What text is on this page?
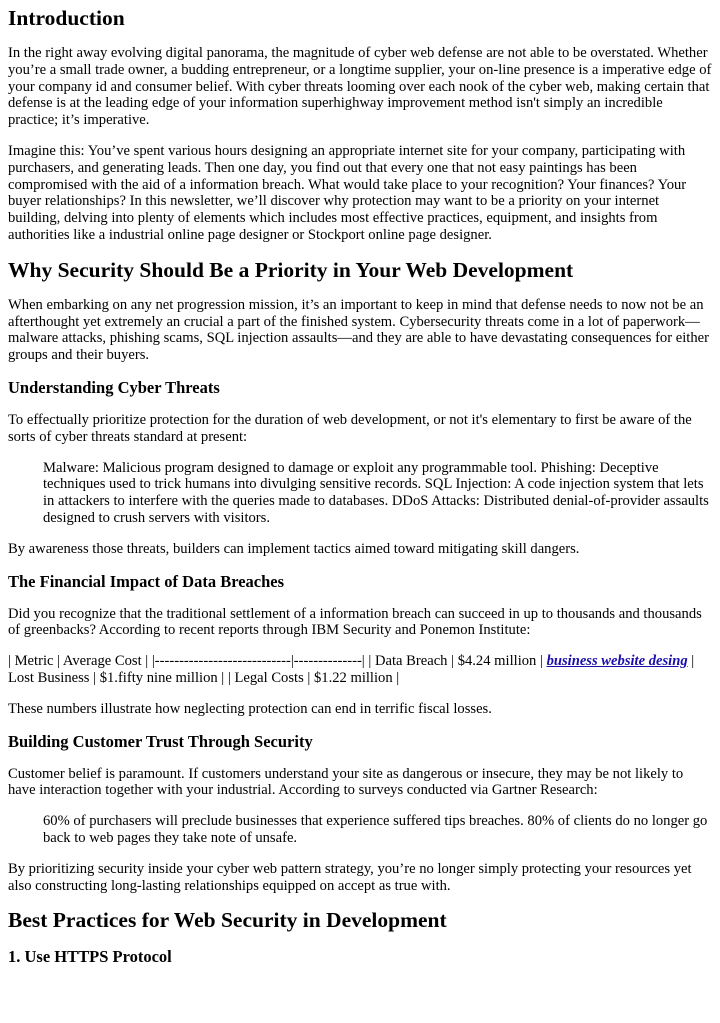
Introduction

In the right away evolving digital panorama, the magnitude of cyber web defense are not able to be overstated. Whether you’re a small trade owner, a budding entrepreneur, or a longtime supplier, your on-line presence is a imperative edge of your company id and consumer belief. With cyber threats looming over each nook of the cyber web, making certain that defense is at the leading edge of your information superhighway improvement method isn't simply an incredible practice; it’s imperative.

Imagine this: You’ve spent various hours designing an appropriate internet site for your company, participating with purchasers, and generating leads. Then one day, you find out that every one that not easy paintings has been compromised with the aid of a information breach. What would take place to your recognition? Your finances? Your buyer relationships? In this newsletter, we’ll discover why protection may want to be a priority on your internet building, delving into plenty of elements which includes most effective practices, equipment, and insights from authorities like a industrial online page designer or Stockport online page designer.

Why Security Should Be a Priority in Your Web Development

When embarking on any net progression mission, it’s an important to keep in mind that defense needs to now not be an afterthought yet extremely an crucial a part of the finished system. Cybersecurity threats come in a lot of paperwork—malware attacks, phishing scams, SQL injection assaults—and they are able to have devastating consequences for either groups and their buyers.

Understanding Cyber Threats

To effectually prioritize protection for the duration of web development, or not it's elementary to first be aware of the sorts of cyber threats standard at present:

Malware: Malicious program designed to damage or exploit any programmable tool. Phishing: Deceptive techniques used to trick humans into divulging sensitive records. SQL Injection: A code injection system that lets in attackers to interfere with the queries made to databases. DDoS Attacks: Distributed denial-of-provider assaults designed to crush servers with visitors.

By awareness those threats, builders can implement tactics aimed toward mitigating skill dangers.

The Financial Impact of Data Breaches

Did you recognize that the traditional settlement of a information breach can succeed in up to thousands and thousands of greenbacks? According to recent reports through IBM Security and Ponemon Institute:

| Metric | Average Cost | |----------------------------|--------------| | Data Breach | $4.24 million | business website desing | Lost Business | $1.fifty nine million | | Legal Costs | $1.22 million |

These numbers illustrate how neglecting protection can end in terrific fiscal losses.

Building Customer Trust Through Security

Customer belief is paramount. If customers understand your site as dangerous or insecure, they may be not likely to have interaction together with your industrial. According to surveys conducted via Gartner Research:

60% of purchasers will preclude businesses that experience suffered tips breaches. 80% of clients do no longer go back to web pages they take note of unsafe.

By prioritizing security inside your cyber web pattern strategy, you’re no longer simply protecting your resources yet also constructing long-lasting relationships equipped on accept as true with.

Best Practices for Web Security in Development
1. Use HTTPS Protocol
